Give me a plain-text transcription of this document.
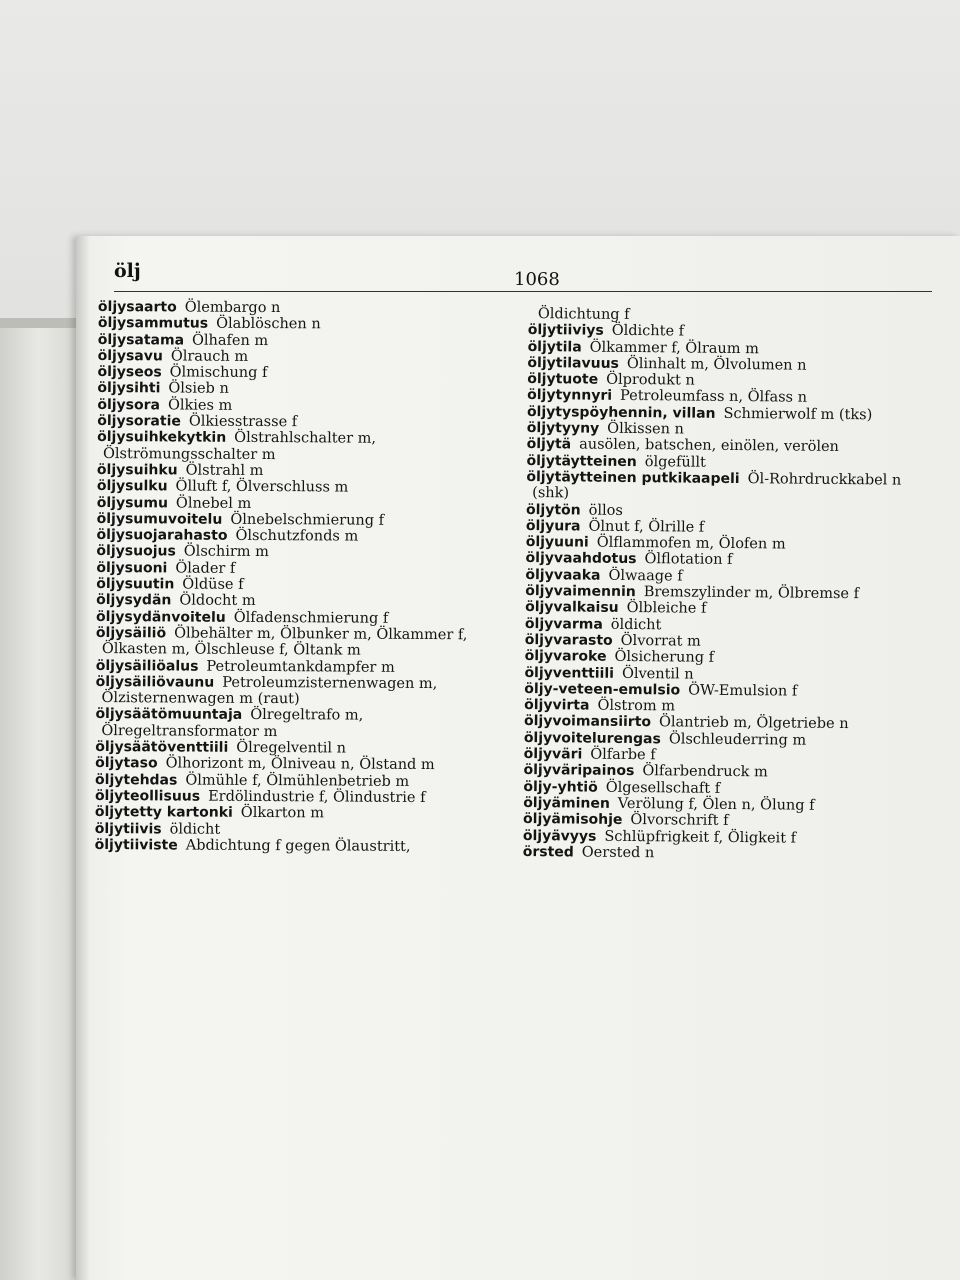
ölj	1068
öljysaarto Ölembargo n
öljysammutus Ölablöschen n
öljysatama Ölhafen m
öljysavu Ölrauch m
öljyseos Ölmischung f
öljysihti Ölsieb n
öljysora Ölkies m
öljysoratie Ölkiesstrasse f
öljysuihkekytkin Ölstrahlschalter m,
Ölströmungsschalter m
öljysuihku Ölstrahl m
öljysulku Ölluft f, Ölverschluss m
öljysumu Ölnebel m
öljysumuvoitelu Ölnebelschmierung f
öljysuojarahasto Ölschutzfonds m
öljysuojus Ölschirm m
öljysuoni Ölader f
öljysuutin Öldüse f
öljysydän Öldocht m
öljysydänvoitelu Ölfadenschmierung f
öljysäiliö Ölbehälter m, Ölbunker m, Ölkammer f,
Ölkasten m, Ölschleuse f, Öltank m
öljysäiliöalus Petroleumtankdampfer m
öljysäiliövaunu Petroleumzisternenwagen m,
Ölzisternenwagen m (raut)
öljysäätömuuntaja Ölregeltrafo m,
Ölregeltransformator m
öljysäätöventtiili Ölregelventil n
öljytaso Ölhorizont m, Ölniveau n, Ölstand m
öljytehdas Ölmühle f, Ölmühlenbetrieb m
öljyteollisuus Erdölindustrie f, Ölindustrie f
öljytetty kartonki Ölkarton m
öljytiivis öldicht
öljytiiviste Abdichtung f gegen Ölaustritt,
Öldichtung f
öljytiiviys Öldichte f
öljytila Ölkammer f, Ölraum m
öljytilavuus Ölinhalt m, Ölvolumen n
öljytuote Ölprodukt n
öljytynnyri Petroleumfass n, Ölfass n
öljytyspöyhennin, villan Schmierwolf m (tks)
öljytyyny Ölkissen n
öljytä ausölen, batschen, einölen, verölen
öljytäytteinen ölgefüllt
öljytäytteinen putkikaapeli Öl-Rohrdruckkabel n
(shk)
öljytön öllos
öljyura Ölnut f, Ölrille f
öljyuuni Ölflammofen m, Ölofen m
öljyvaahdotus Ölflotation f
öljyvaaka Ölwaage f
öljyvaimennin Bremszylinder m, Ölbremse f
öljyvalkaisu Ölbleiche f
öljyvarma öldicht
öljyvarasto Ölvorrat m
öljyvaroke Ölsicherung f
öljyventtiili Ölventil n
öljy-veteen-emulsio ÖW-Emulsion f
öljyvirta Ölstrom m
öljyvoimansiirto Ölantrieb m, Ölgetriebe n
öljyvoitelurengas Ölschleuderring m
öljyväri Ölfarbe f
öljyväripainos Ölfarbendruck m
öljy-yhtiö Ölgesellschaft f
öljyäminen Verölung f, Ölen n, Ölung f
öljyämisohje Ölvorschrift f
öljyävyys Schlüpfrigkeit f, Öligkeit f
örsted Oersted n
